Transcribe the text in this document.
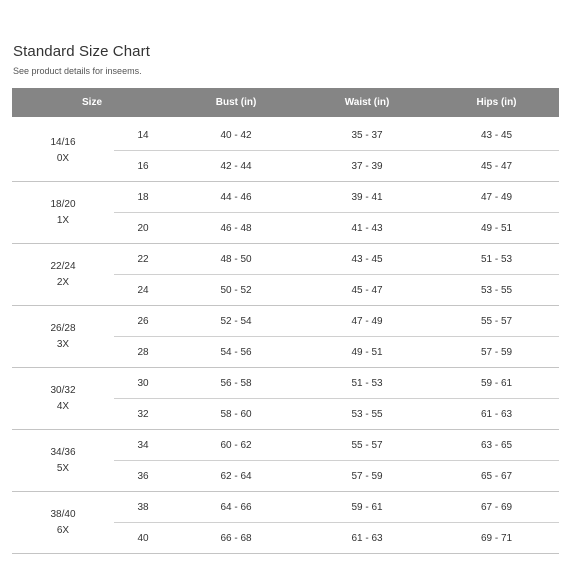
Standard Size Chart
See product details for inseems.
Size		Bust (in)	Waist (in)	Hips (in)

14/16
0X	14	40 - 42	35 - 37	43 - 45
	16	42 - 44	37 - 39	45 - 47

18/20
1X	18	44 - 46	39 - 41	47 - 49
	20	46 - 48	41 - 43	49 - 51

22/24
2X	22	48 - 50	43 - 45	51 - 53
	24	50 - 52	45 - 47	53 - 55

26/28
3X	26	52 - 54	47 - 49	55 - 57
	28	54 - 56	49 - 51	57 - 59

30/32
4X	30	56 - 58	51 - 53	59 - 61
	32	58 - 60	53 - 55	61 - 63

34/36
5X	34	60 - 62	55 - 57	63 - 65
	36	62 - 64	57 - 59	65 - 67

38/40
6X	38	64 - 66	59 - 61	67 - 69
	40	66 - 68	61 - 63	69 - 71
